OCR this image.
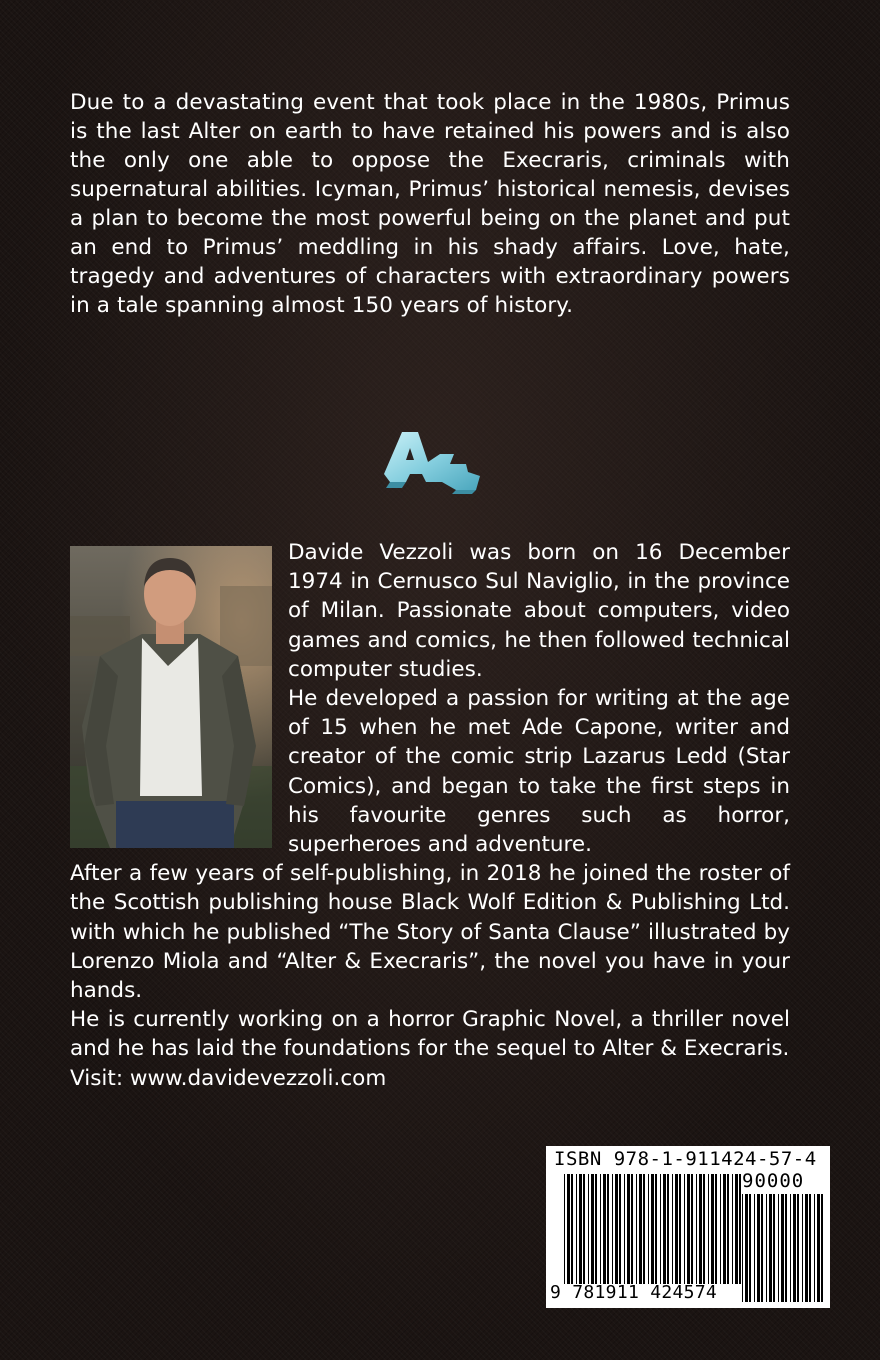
Due to a devastating event that took place in the 1980s, Primus is the last Alter on earth to have retained his powers and is also the only one able to oppose the Execraris, criminals with supernatural abilities. Icyman, Primus’ historical nemesis, devises a plan to become the most powerful being on the planet and put an end to Primus’ meddling in his shady affairs. Love, hate, tragedy and adventures of characters with extraordinary powers in a tale spanning almost 150 years of history.

Davide Vezzoli was born on 16 December 1974 in Cernusco Sul Naviglio, in the province of Milan. Passionate about computers, video games and comics, he then followed technical computer studies.

He developed a passion for writing at the age of 15 when he met Ade Capone, writer and creator of the comic strip Lazarus Ledd (Star Comics), and began to take the first steps in his favourite genres such as horror, superheroes and adventure.

After a few years of self-publishing, in 2018 he joined the roster of the Scottish publishing house Black Wolf Edition & Publishing Ltd. with which he published “The Story of Santa Clause” illustrated by Lorenzo Miola and “Alter & Execraris”, the novel you have in your hands.

He is currently working on a horror Graphic Novel, a thriller novel and he has laid the foundations for the sequel to Alter & Execraris.

Visit: www.davidevezzoli.com

ISBN 978-1-911424-57-4
90000
9 781911 424574
